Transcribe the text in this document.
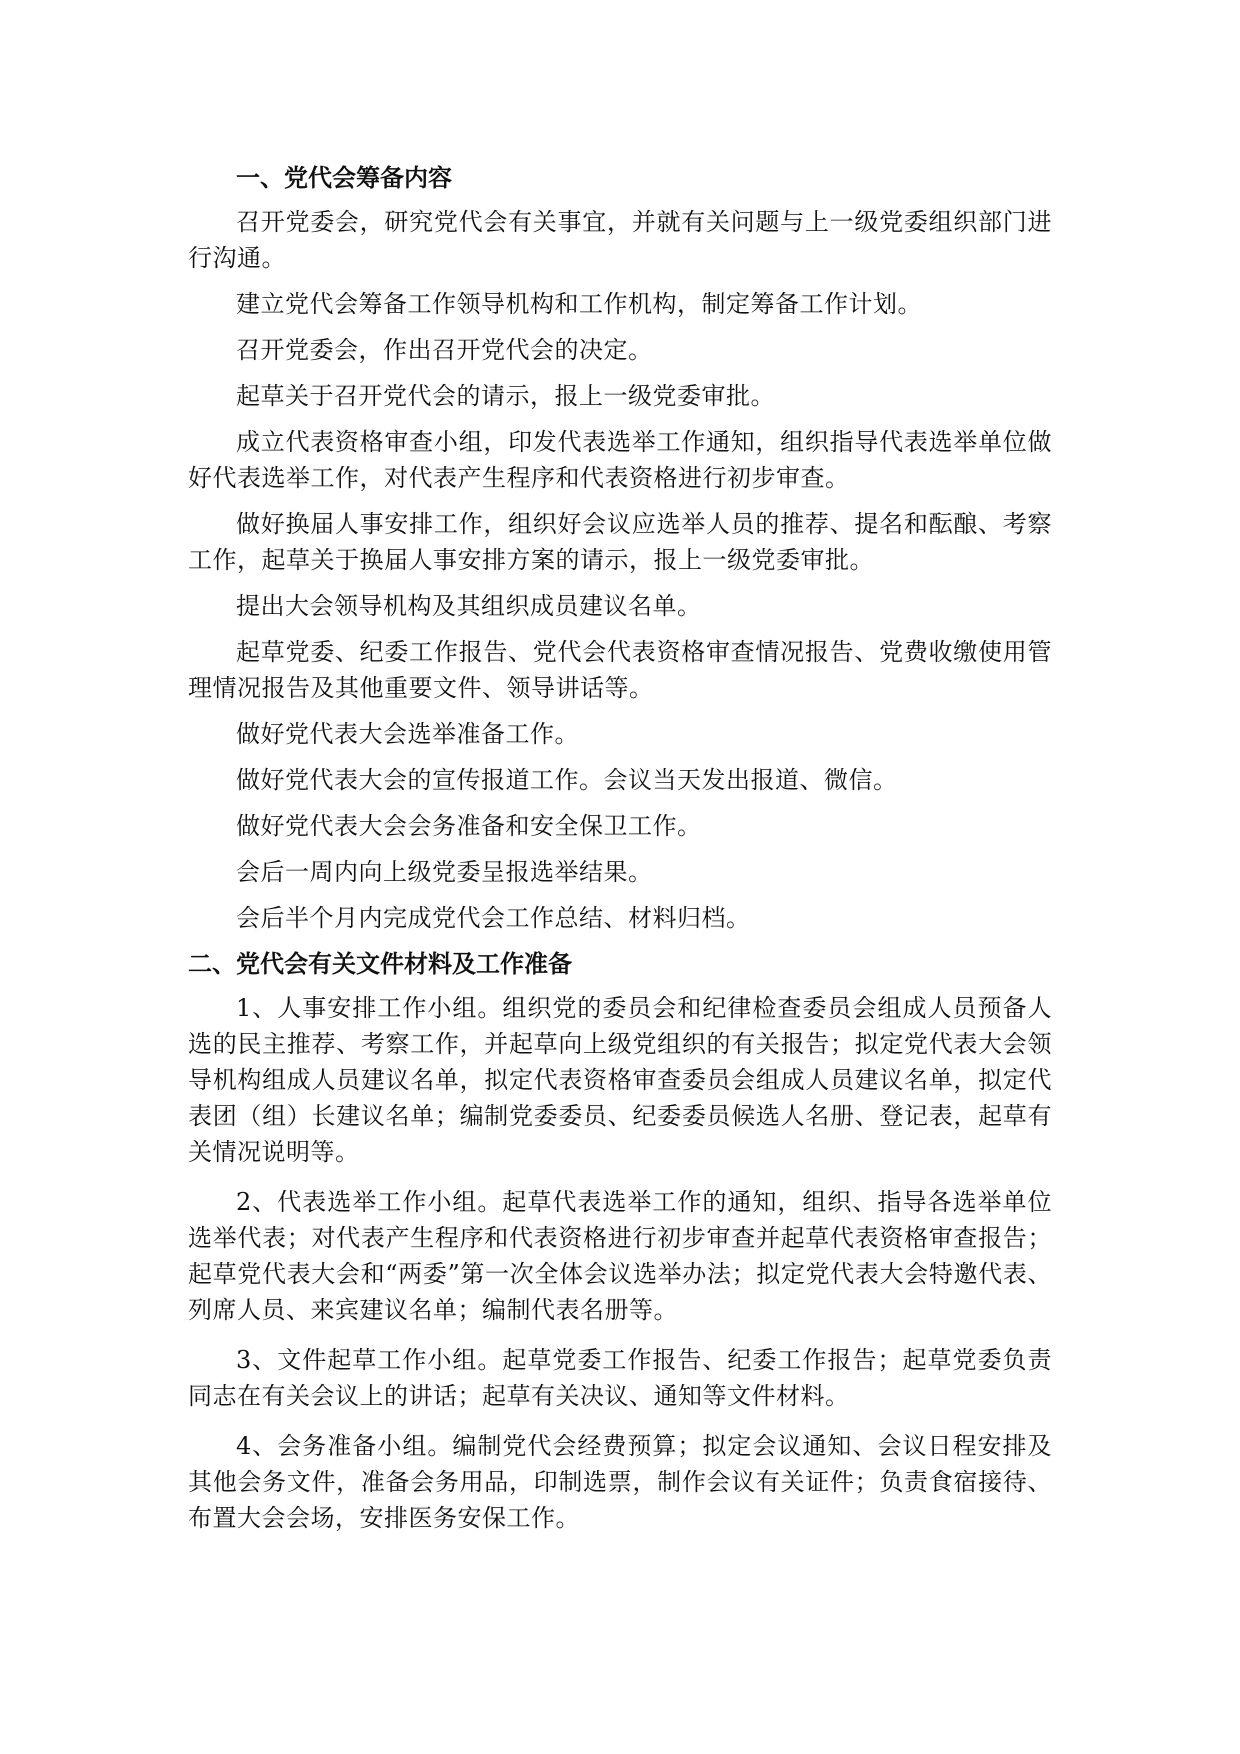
一、党代会筹备内容

召开党委会，研究党代会有关事宜，并就有关问题与上一级党委组织部门进行沟通。

建立党代会筹备工作领导机构和工作机构，制定筹备工作计划。

召开党委会，作出召开党代会的决定。

起草关于召开党代会的请示，报上一级党委审批。

成立代表资格审查小组，印发代表选举工作通知，组织指导代表选举单位做好代表选举工作，对代表产生程序和代表资格进行初步审查。

做好换届人事安排工作，组织好会议应选举人员的推荐、提名和酝酿、考察工作，起草关于换届人事安排方案的请示，报上一级党委审批。

提出大会领导机构及其组织成员建议名单。

起草党委、纪委工作报告、党代会代表资格审查情况报告、党费收缴使用管理情况报告及其他重要文件、领导讲话等。

做好党代表大会选举准备工作。

做好党代表大会的宣传报道工作。会议当天发出报道、微信。

做好党代表大会会务准备和安全保卫工作。

会后一周内向上级党委呈报选举结果。

会后半个月内完成党代会工作总结、材料归档。

二、党代会有关文件材料及工作准备

1、人事安排工作小组。组织党的委员会和纪律检查委员会组成人员预备人选的民主推荐、考察工作，并起草向上级党组织的有关报告；拟定党代表大会领导机构组成人员建议名单，拟定代表资格审查委员会组成人员建议名单，拟定代表团（组）长建议名单；编制党委委员、纪委委员候选人名册、登记表，起草有关情况说明等。

2、代表选举工作小组。起草代表选举工作的通知，组织、指导各选举单位选举代表；对代表产生程序和代表资格进行初步审查并起草代表资格审查报告；起草党代表大会和“两委”第一次全体会议选举办法；拟定党代表大会特邀代表、列席人员、来宾建议名单；编制代表名册等。

3、文件起草工作小组。起草党委工作报告、纪委工作报告；起草党委负责同志在有关会议上的讲话；起草有关决议、通知等文件材料。

4、会务准备小组。编制党代会经费预算；拟定会议通知、会议日程安排及其他会务文件，准备会务用品，印制选票，制作会议有关证件；负责食宿接待、布置大会会场，安排医务安保工作。
